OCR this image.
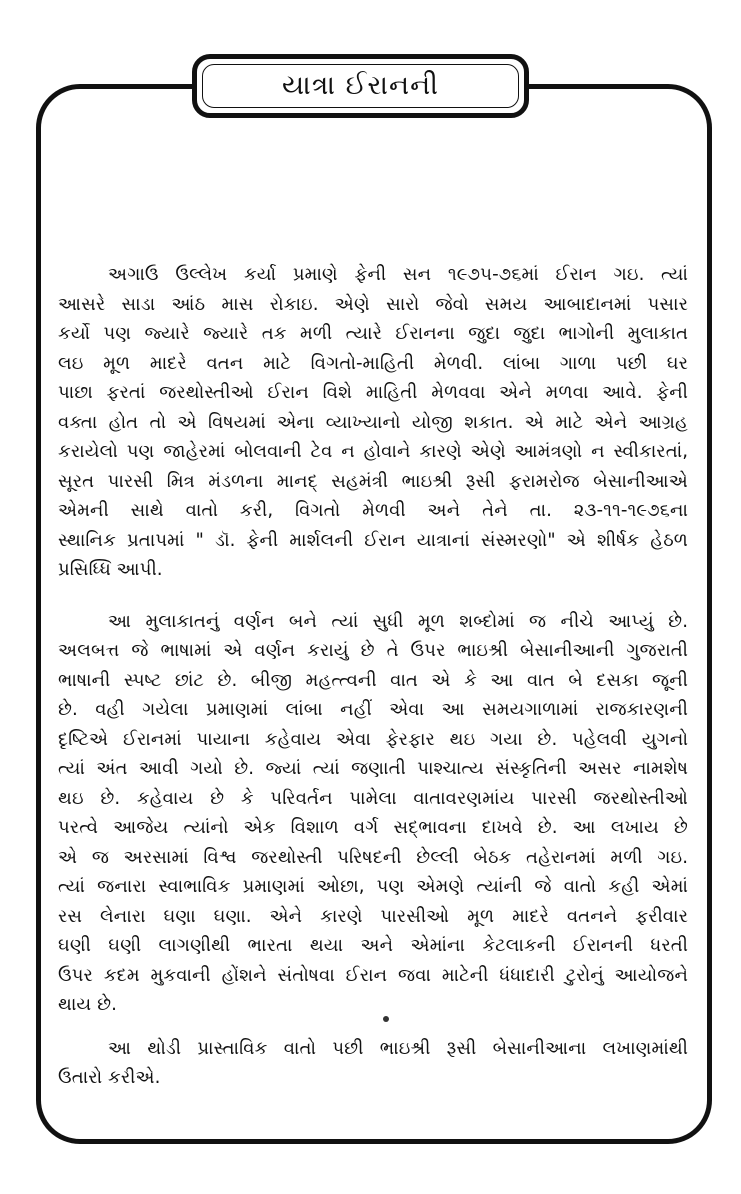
યાત્રા ઈરાનની

અગાઉ ઉલ્લેખ કર્યા પ્રમાણે ફેની સન ૧૯૭૫-૭૬માં ઈરાન ગઇ. ત્યાં
આસરે સાડા આંઠ માસ રોકાઇ. એણે સારો જેવો સમય આબાદાનમાં પસાર
કર્યો પણ જ્યારે જ્યારે તક મળી ત્યારે ઈરાનના જુદા જુદા ભાગોની મુલાકાત
લઇ મૂળ માદરે વતન માટે વિગતો-માહિતી મેળવી. લાંબા ગાળા પછી ઘર
પાછા ફરતાં જરથોસ્તીઓ ઈરાન વિશે માહિતી મેળવવા એને મળવા આવે. ફેની
વક્તા હોત તો એ વિષયમાં એના વ્યાખ્યાનો યોજી શકાત. એ માટે એને આગ્રહ
કરાયેલો પણ જાહેરમાં બોલવાની ટેવ ન હોવાને કારણે એણે આમંત્રણો ન સ્વીકારતાં,
સૂરત પારસી મિત્ર મંડળના માનદ્ સહમંત્રી ભાઇશ્રી રૂસી ફરામરોજ બેસાનીઆએ
એમની સાથે વાતો કરી, વિગતો મેળવી અને તેને તા. ૨૩-૧૧-૧૯૭૬ના
સ્થાનિક પ્રતાપમાં " ડૉ. ફેની માર્શલની ઈરાન યાત્રાનાં સંસ્મરણો" એ શીર્ષક હેઠળ
પ્રસિધ્ધિ આપી.

આ મુલાકાતનું વર્ણન બને ત્યાં સુધી મૂળ શબ્દોમાં જ નીચે આપ્યું છે.
અલબત્ત જે ભાષામાં એ વર્ણન કરાયું છે તે ઉપર ભાઇશ્રી બેસાનીઆની ગુજરાતી
ભાષાની સ્પષ્ટ છાંટ છે. બીજી મહત્ત્વની વાત એ કે આ વાત બે દસકા જૂની
છે. વહી ગયેલા પ્રમાણમાં લાંબા નહીં એવા આ સમયગાળામાં રાજકારણની
દૃષ્ટિએ ઈરાનમાં પાયાના કહેવાય એવા ફેરફાર થઇ ગયા છે. પહેલવી યુગનો
ત્યાં અંત આવી ગયો છે. જ્યાં ત્યાં જણાતી પાશ્ચાત્ય સંસ્કૃતિની અસર નામશેષ
થઇ છે. કહેવાય છે કે પરિવર્તન પામેલા વાતાવરણમાંય પારસી જરથોસ્તીઓ
પરત્વે આજેય ત્યાંનો એક વિશાળ વર્ગ સદ્ભાવના દાખવે છે. આ લખાય છે
એ જ અરસામાં વિશ્વ જરથોસ્તી પરિષદની છેલ્લી બેઠક તહેરાનમાં મળી ગઇ.
ત્યાં જનારા સ્વાભાવિક પ્રમાણમાં ઓછા, પણ એમણે ત્યાંની જે વાતો કહી એમાં
રસ લેનારા ઘણા ઘણા. એને કારણે પારસીઓ મૂળ માદરે વતનને ફરીવાર
ઘણી ઘણી લાગણીથી ભારતા થયા અને એમાંના કેટલાકની ઈરાનની ધરતી
ઉપર કદમ મુકવાની હોંશને સંતોષવા ઈરાન જવા માટેની ધંધાદારી ટુરોનું આયોજને
થાય છે.

આ થોડી પ્રાસ્તાવિક વાતો પછી ભાઇશ્રી રૂસી બેસાનીઆના લખાણમાંથી
ઉતારો કરીએ.
